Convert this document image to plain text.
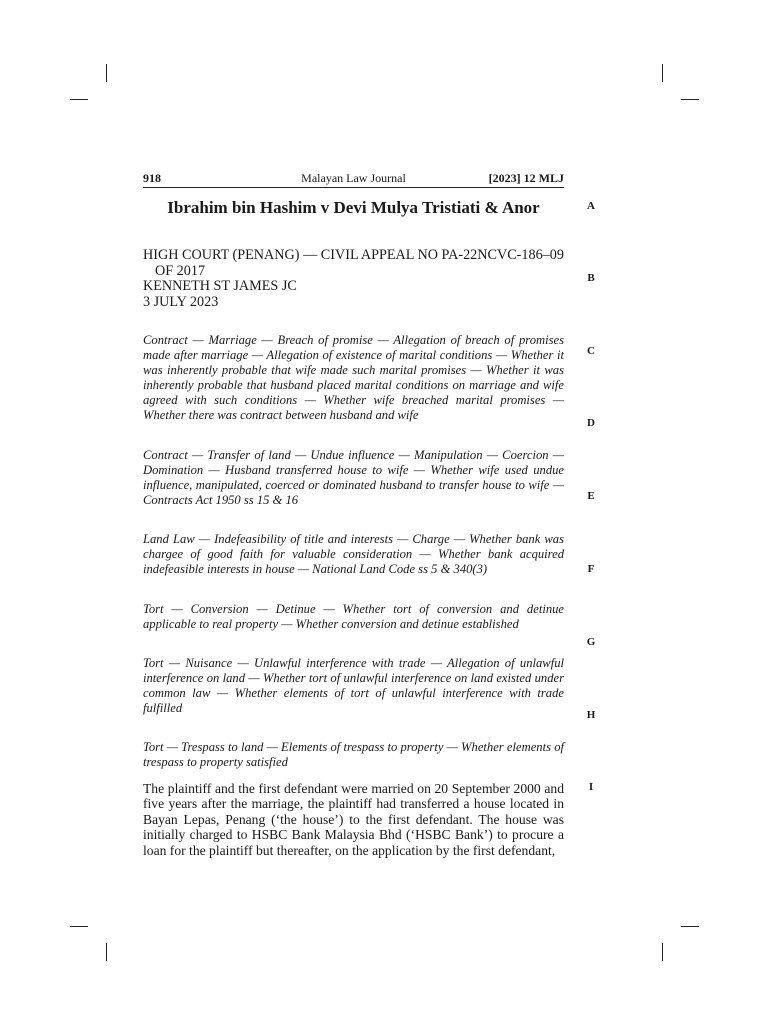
918	Malayan Law Journal	[2023] 12 MLJ
Ibrahim bin Hashim v Devi Mulya Tristiati & Anor
HIGH COURT (PENANG) — CIVIL APPEAL NO PA-22NCVC-186–09
OF 2017
KENNETH ST JAMES JC
3 JULY 2023
Contract — Marriage — Breach of promise — Allegation of breach of promises made after marriage — Allegation of existence of marital conditions — Whether it was inherently probable that wife made such marital promises — Whether it was inherently probable that husband placed marital conditions on marriage and wife agreed with such conditions — Whether wife breached marital promises — Whether there was contract between husband and wife
Contract — Transfer of land — Undue influence — Manipulation — Coercion — Domination — Husband transferred house to wife — Whether wife used undue influence, manipulated, coerced or dominated husband to transfer house to wife — Contracts Act 1950 ss 15 & 16
Land Law — Indefeasibility of title and interests — Charge — Whether bank was chargee of good faith for valuable consideration — Whether bank acquired indefeasible interests in house — National Land Code ss 5 & 340(3)
Tort — Conversion — Detinue — Whether tort of conversion and detinue applicable to real property — Whether conversion and detinue established
Tort — Nuisance — Unlawful interference with trade — Allegation of unlawful interference on land — Whether tort of unlawful interference on land existed under common law — Whether elements of tort of unlawful interference with trade fulfilled
Tort — Trespass to land — Elements of trespass to property — Whether elements of trespass to property satisfied
The plaintiff and the first defendant were married on 20 September 2000 and five years after the marriage, the plaintiff had transferred a house located in Bayan Lepas, Penang (‘the house’) to the first defendant. The house was initially charged to HSBC Bank Malaysia Bhd (‘HSBC Bank’) to procure a loan for the plaintiff but thereafter, on the application by the first defendant,
A
B
C
D
E
F
G
H
I
